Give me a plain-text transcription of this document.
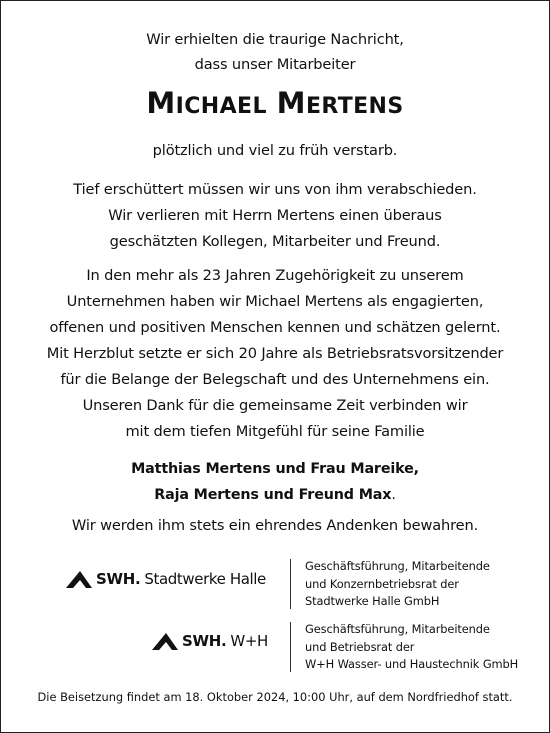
Wir erhielten die traurige Nachricht,
dass unser Mitarbeiter
MICHAEL MERTENS
plötzlich und viel zu früh verstarb.
Tief erschüttert müssen wir uns von ihm verabschieden.
Wir verlieren mit Herrn Mertens einen überaus
geschätzten Kollegen, Mitarbeiter und Freund.
In den mehr als 23 Jahren Zugehörigkeit zu unserem
Unternehmen haben wir Michael Mertens als engagierten,
offenen und positiven Menschen kennen und schätzen gelernt.
Mit Herzblut setzte er sich 20 Jahre als Betriebsratsvorsitzender
für die Belange der Belegschaft und des Unternehmens ein.
Unseren Dank für die gemeinsame Zeit verbinden wir
mit dem tiefen Mitgefühl für seine Familie
Matthias Mertens und Frau Mareike,
Raja Mertens und Freund Max.
Wir werden ihm stets ein ehrendes Andenken bewahren.
SWH. Stadtwerke Halle
Geschäftsführung, Mitarbeitende
und Konzernbetriebsrat der
Stadtwerke Halle GmbH
SWH. W+H
Geschäftsführung, Mitarbeitende
und Betriebsrat der
W+H Wasser- und Haustechnik GmbH
Die Beisetzung findet am 18. Oktober 2024, 10:00 Uhr, auf dem Nordfriedhof statt.
